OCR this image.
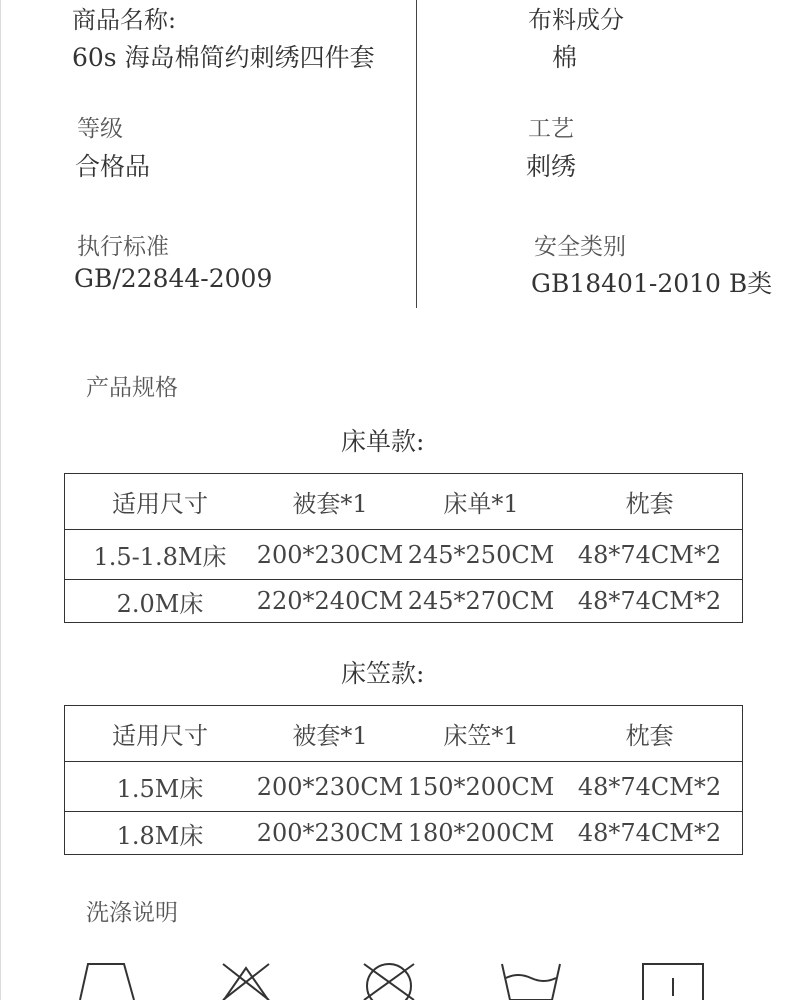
商品名称:
60s 海岛棉简约刺绣四件套
布料成分
棉
等级
合格品
工艺
刺绣
执行标准
GB/22844-2009
安全类别
GB18401-2010 B类
产品规格
床单款:
适用尺寸	被套*1	床单*1	枕套
1.5-1.8M床	200*230CM	245*250CM	48*74CM*2
2.0M床	220*240CM	245*270CM	48*74CM*2
床笠款:
适用尺寸	被套*1	床笠*1	枕套
1.5M床	200*230CM	150*200CM	48*74CM*2
1.8M床	200*230CM	180*200CM	48*74CM*2
洗涤说明
